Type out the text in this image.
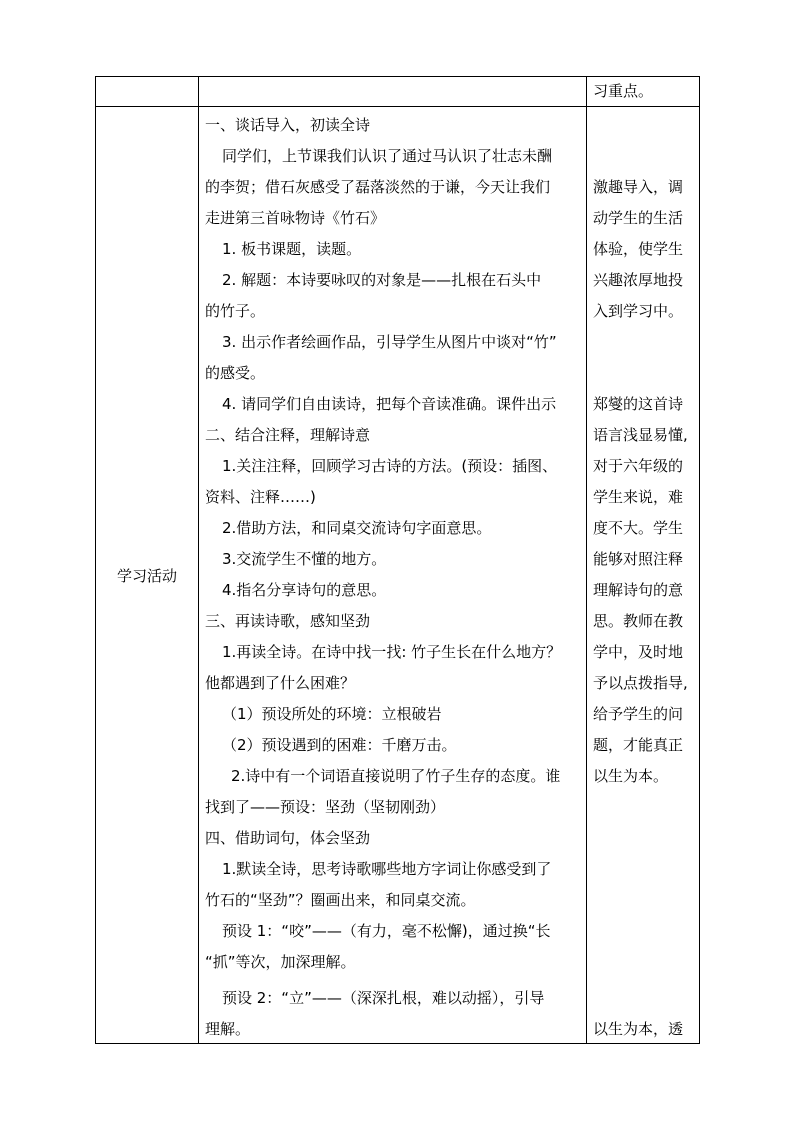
习重点。
学习活动
一、谈话导入，初读全诗
同学们，上节课我们认识了通过马认识了壮志未酬
的李贺；借石灰感受了磊落淡然的于谦，今天让我们
走进第三首咏物诗《竹石》
1. 板书课题，读题。
2. 解题：本诗要咏叹的对象是——扎根在石头中
的竹子。
3. 出示作者绘画作品，引导学生从图片中谈对“竹”
的感受。
4. 请同学们自由读诗，把每个音读准确。课件出示
二、结合注释，理解诗意
1.关注注释，回顾学习古诗的方法。(预设：插图、
资料、注释……)
2.借助方法，和同桌交流诗句字面意思。
3.交流学生不懂的地方。
4.指名分享诗句的意思。
三、再读诗歌，感知坚劲
1.再读全诗。在诗中找一找: 竹子生长在什么地方？
他都遇到了什么困难？
（1）预设所处的环境：立根破岩
（2）预设遇到的困难：千磨万击。
2.诗中有一个词语直接说明了竹子生存的态度。谁
找到了——预设：坚劲（坚韧刚劲）
四、借助词句，体会坚劲
1.默读全诗，思考诗歌哪些地方字词让你感受到了
竹石的“坚劲”？圈画出来，和同桌交流。
预设 1：“咬”——（有力，毫不松懈)，通过换“长
“抓”等次，加深理解。
预设 2：“立”——（深深扎根，难以动摇），引导
理解。
激趣导入，调
动学生的生活
体验，使学生
兴趣浓厚地投
入到学习中。
郑燮的这首诗
语言浅显易懂,
对于六年级的
学生来说，难
度不大。学生
能够对照注释
理解诗句的意
思。教师在教
学中，及时地
予以点拨指导,
给予学生的问
题，才能真正
以生为本。
以生为本，透
